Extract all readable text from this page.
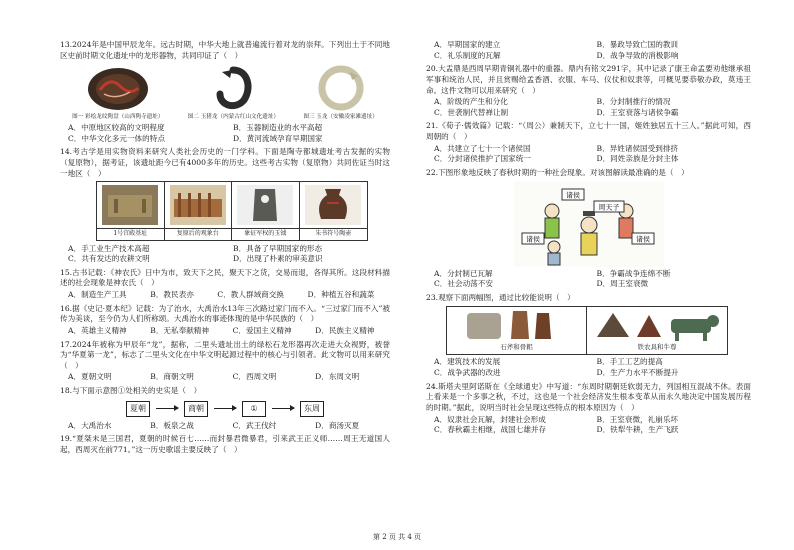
13.2024年是中国甲辰龙年。远古时期，中华大地上就普遍流行着对龙的崇拜。下列出土于不同地区史前时期文化遗址中的龙形器物，共同印证了（　）

图一 彩绘龙纹陶盘（山西陶寺遗址）	图二 玉猪龙（内蒙古红山文化遗址）	图三 玉龙（安徽凌家滩遗址）
A．中原地区较高的文明程度	B．玉器制造业的水平高超
C．中华文化多元一体的特点	D．黄河流域孕育早期国家

14.考古学是用实物资料来研究人类社会历史的一门学科。下面是陶寺都城遗址考古发掘的实物（复原物），据考证，该遗址距今已有4000多年的历史。这些考古实物（复原物）共同佐证当时这一地区（　）

1号宫殿基址	复原后的观象台	象征军权的玉钺	朱书符号陶壶
A．手工业生产技术高超	B．具备了早期国家的形态
C．共有发达的农耕文明	D．出现了朴素的审美意识

15.古书记载：《神农氏》日中为市，致天下之民，聚天下之货，交易而退，各得其所。这段材料描述的社会现象是神农氏（　）

A．制造生产工具	B．教民表亦	C．教人群域商交换	D．种植五谷和蔬菜

16.据《史记·夏本纪》记载：为了治水，大禹治水13年三次路过家门而不入。“三过家门而不入”被传为美谈，至今仍为人们所称颂。大禹治水的事迹体现的是中华民族的（　）

A．英雄主义精神	B．无私奉献精神	C．爱国主义精神	D．民族主义精神

17.2024年被称为甲辰年“龙”，据称，二里头遗址出土的绿松石龙形器再次走进大众视野，被誉为“华夏第一龙”，标志了二里头文化在中华文明起源过程中的核心与引领者。此文物可以用来研究（　）

A．夏朝文明	B．商朝文明	C．西周文明	D．东周文明

18.与下面示意图①处相关的史实是（　）

夏朝	商朝	①	东周
A．大禹治水	B．板泉之战	C．武王伐纣	D．商汤灭夏

19.“夏桀未是三国君，夏朝的时候百七……而封暴君微暴君，引来武王正义师……周王无道国人起，西周灭在前771。”这一历史歌谣主要反映了（　）

A．早期国家的建立	B．暴政导致亡国的教训
C．礼乐制度的瓦解	D．战争导致的消极影响

20.大盂鼎是西周早期青铜礼器中的重器。鼎内有铭文291字，其中记录了康王命孟要劝他继承祖军事和统治人民，并且赏赐给孟香酒、衣服、车马、仪仗和奴隶等，可概见要恭敬办政，莫违王命。这件文物可以用来研究（　）

A．阶级的产生和分化	B．分封制推行的情况
C．世袭制代替禅让制	D．王室衰落与诸侯争霸

21.《荀子·儒效篇》记载：“（周公）兼制天下，立七十一国，姬姓独居五十三人。”据此可知，西周朝的（　）

A．共建立了七十一个诸侯国	B．异姓诸侯国受到排挤
C．分封诸侯推护了国家统一	D．同姓亲族是分封主体

22.下图形象地反映了春秋时期的一种社会现象。对该图解读最准确的是（　）

诸侯
周天子
诸侯	诸侯
A．分封制已瓦解	B．争霸战争连绵不断
C．社会动荡不安	D．周王室衰微

23.观察下面两幅图，通过比较能说明（　）

石斧和骨耜	铁农具和牛尊
A．建筑技术的发展	B．手工工艺的提高
C．战争武器的改进	D．生产力水平不断提升

24.斯塔夫里阿诺斯在《全球通史》中写道：“东周时期朝廷软弱无力，列国相互混战不休。表面上看来是一个多事之秋，不过，这也是一个社会经济发生根本变革从而永久地决定中国发展历程的时期。”据此，说明当时社会呈现这些特点的根本原因为（　）

A．奴隶社会瓦解，封建社会形成	B．王室衰微，礼崩乐坏
C．春秋霸主相继，战国七雄并存	D．铁犁牛耕，生产飞跃
第 2 页 共 4 页
